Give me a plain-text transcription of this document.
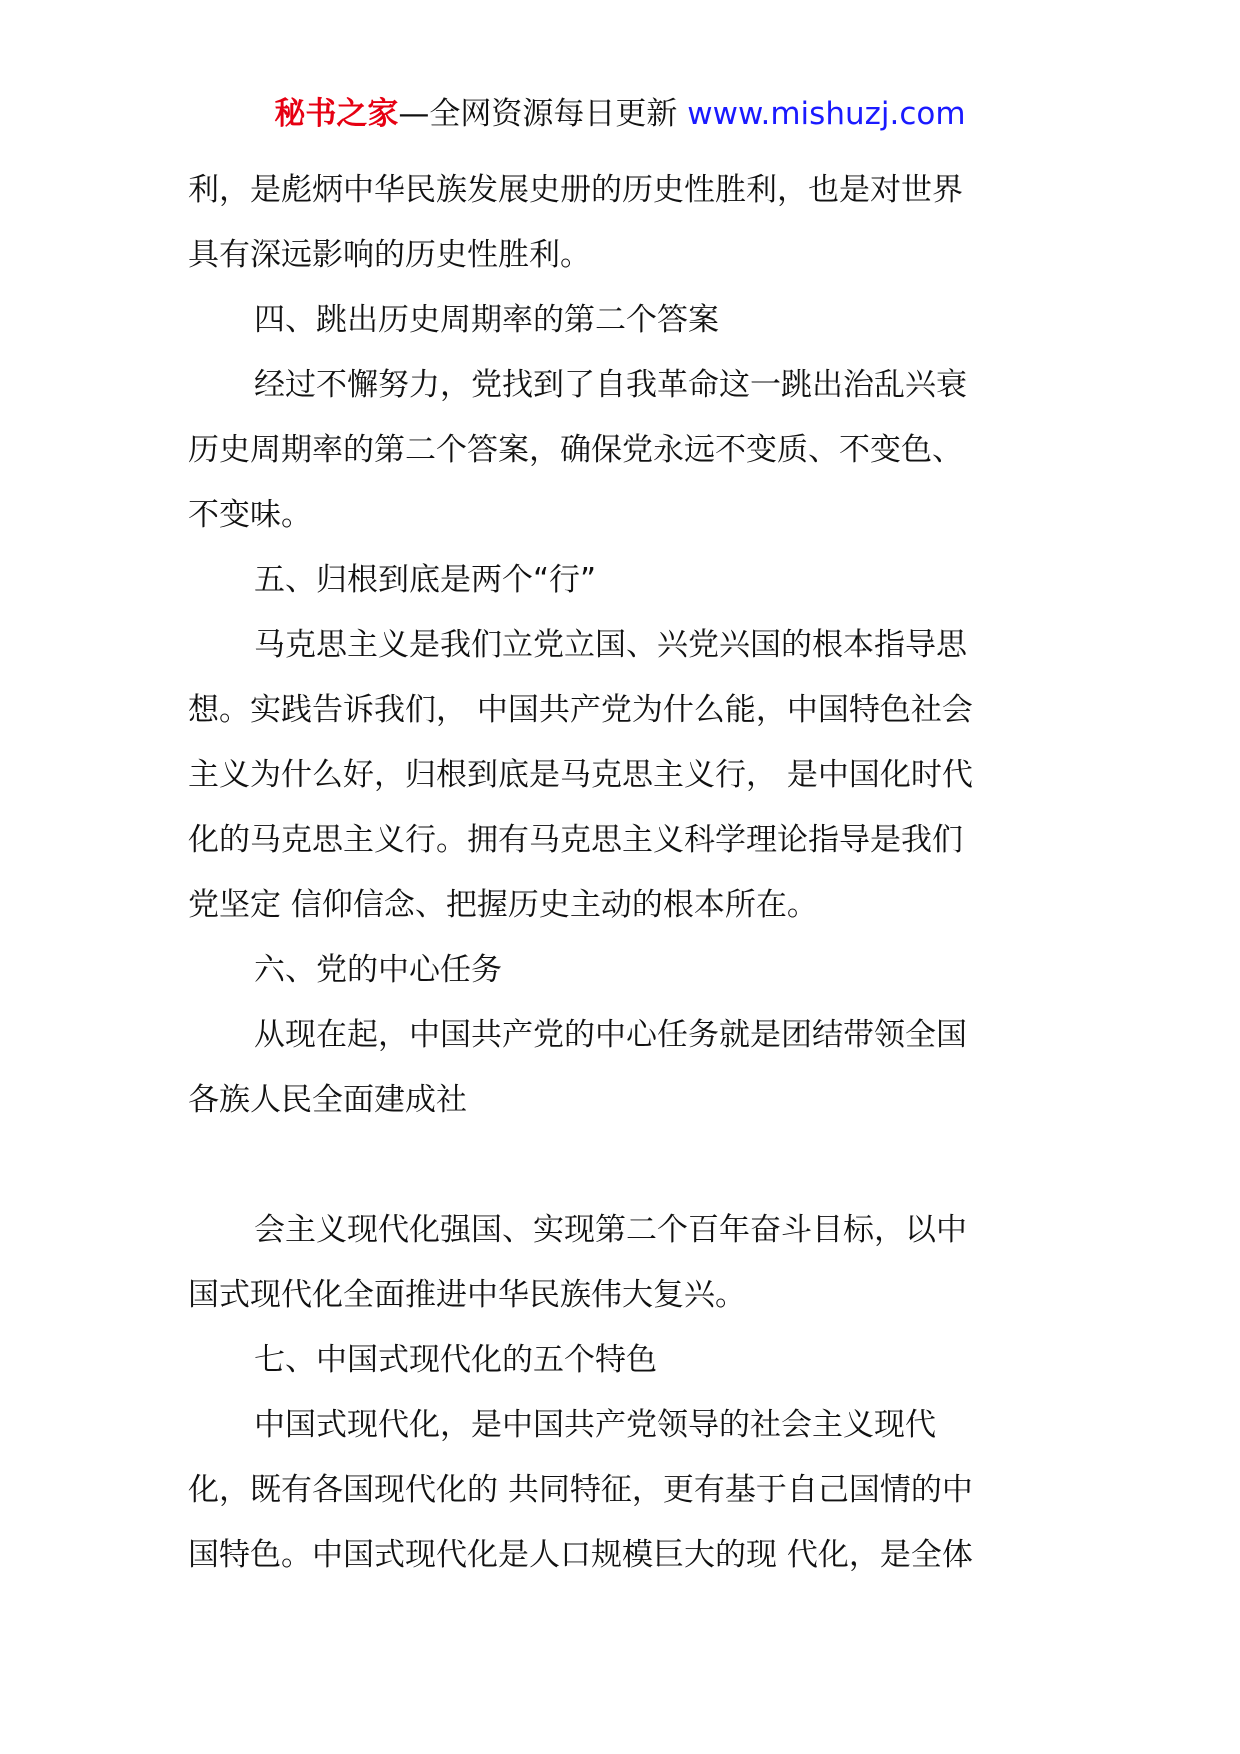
秘书之家—全网资源每日更新 www.mishuzj.com
利，是彪炳中华民族发展史册的历史性胜利，也是对世界
具有深远影响的历史性胜利。
四、跳出历史周期率的第二个答案
经过不懈努力，党找到了自我革命这一跳出治乱兴衰
历史周期率的第二个答案，确保党永远不变质、不变色、
不变味。
五、归根到底是两个“行”
马克思主义是我们立党立国、兴党兴国的根本指导思
想。实践告诉我们， 中国共产党为什么能，中国特色社会
主义为什么好，归根到底是马克思主义行， 是中国化时代
化的马克思主义行。拥有马克思主义科学理论指导是我们
党坚定 信仰信念、把握历史主动的根本所在。
六、党的中心任务
从现在起，中国共产党的中心任务就是团结带领全国
各族人民全面建成社
会主义现代化强国、实现第二个百年奋斗目标，以中
国式现代化全面推进中华民族伟大复兴。
七、中国式现代化的五个特色
中国式现代化，是中国共产党领导的社会主义现代
化，既有各国现代化的 共同特征，更有基于自己国情的中
国特色。中国式现代化是人口规模巨大的现 代化，是全体
